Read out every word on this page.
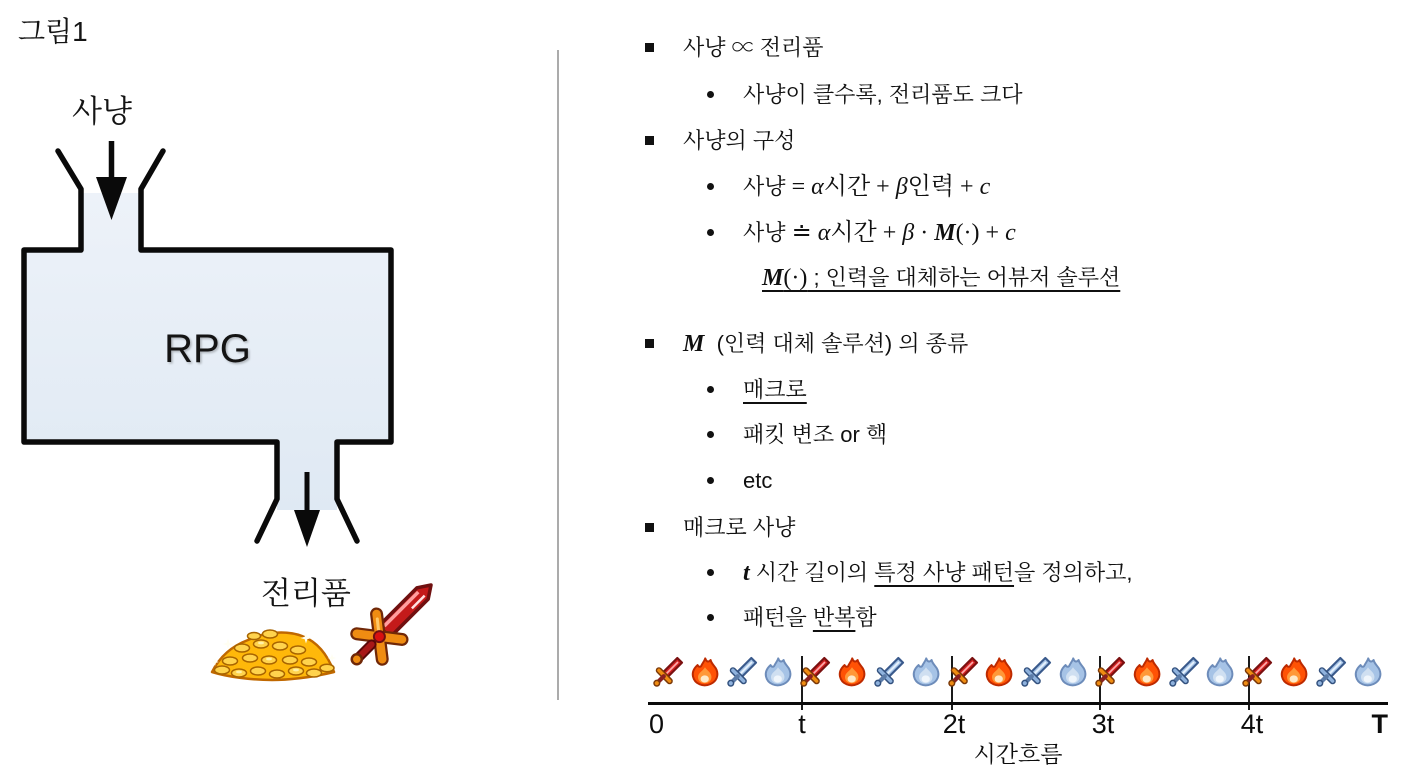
그림1
사냥
RPG
전리품
사냥 ∝ 전리품
사냥이 클수록, 전리품도 크다
사냥의 구성
사냥 = α시간 + β인력 + c
사냥 ≐ α시간 + β · M(·) + c
M(·) ; 인력을 대체하는 어뷰저 솔루션
M  (인력 대체 솔루션) 의 종류
매크로
패킷 변조 or 핵
etc
매크로 사냥
t 시간 길이의 특정 사냥 패턴을 정의하고,
패턴을 반복함
0	t	2t	3t	4t	T
시간흐름
